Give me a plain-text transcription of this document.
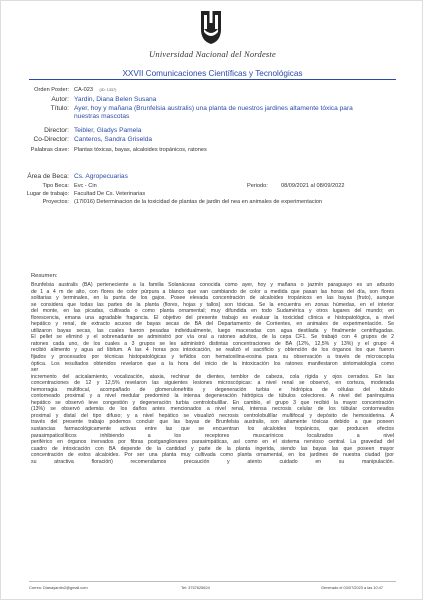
Universidad Nacional del Nordeste
XXVII Comunicaciones Científicas y Tecnológicas
Orden Poster: CA-023 (ID: 1337)
Autor: Yardin, Diana Belen Susana
Título: Ayer, hoy y mañana (Brunfelsia australis) una planta de nuestros jardines altamente tóxica para
nuestras mascotas
Director: Teibler, Gladys Pamela
Co-Director: Canteros, Sandra Griselda
Palabras clave: Plantas tóxicas, bayas, alcaloides tropánicos, ratones
Área de Beca: Cs. Agropecuarias
Tipo Beca: Evc - Cin	Periodo: 08/09/2021 al 08/09/2022
Lugar de trabajo: Facultad De Cs. Veterinarias
Proyectos: (17I016) Determinacion de la toxicidad de plantas de jardin del nea en animales de experimentacion
Resumen:

Brunfelsia australis (BA) perteneciente a la familia Solanáceas conocida como ayer, hoy y mañana o jazmín paraguayo es un arbusto

de 1 a 4 m de alto, con flores de color púrpura a blanco que van cambiando de color a medida que pasan las horas del día, son flores

solitarias y terminales, en la punta de los gajos. Posee elevada concentración de alcaloides tropánicos en las bayas (fruto), aunque

se considera que todas las partes de la planta (flores, hojas y tallos) son tóxicas. Se la encuentra en zonas húmedas, en el interior

del monte, en las picadas, cultivada o como planta ornamental; muy difundida en todo Sudamérica y otros lugares del mundo; en

florescencia, emana una agradable fragancia. El objetivo del presente trabajo es evaluar la toxicidad clínica e histopatológica, a nivel

hepático y renal, de extracto acuoso de bayas secas de BA del Departamento de Corrientes, en animales de experimentación. Se

utilizaron bayas secas, las cuales fueron pesadas individualmente, luego maceradas con agua destilada y finalmente centrifugadas.

El pellet se eliminó y el sobrenadante se administró por vía oral a ratones adultos, de la cepa CF1. Se trabajó con 4 grupos de 2

ratones cada uno, de los cuales a 3 grupos se les administró distintas concentraciones de BA (12%, 12,5% y 13%) y el grupo 4

recibió alimento y agua ad libitum. A las 4 horas pos intoxicación, se realizó el sacrificio y obtención de los órganos los que fueron

fijados y procesados por técnicas histopatológicas y teñidos con hematoxilina-eosina para su observación a través de microscopía

óptica. Los resultados obtenidos revelaron que a la hora del inicio de la intoxicación los ratones manifestaron sintomatología como

ser

incremento del acicalamiento, vocalización, ataxia, rechinar de dientes, temblor de cabeza, cola rígida y ojos cerrados. En las

concentraciones de 12 y 12,5% revelaron las siguientes lesiones microscópicas: a nivel renal se observó, en corteza, moderada

hemorragia multifocal, acompañado de glomerulonefritis y degeneración turbia e hidrópica de células del túbulo

contorneado proximal y a nivel medular predominó la intensa degeneración hidrópica de túbulos colectores. A nivel del parénquima

hepático se observó leve congestión y degeneración turbia centrolobulillar. En cambio, el grupo 3 que recibió la mayor concentración

(13%) se observó además de los daños antes mencionados a nivel renal, intensa necrosis celular de los túbular contorneados

proximal y distal del tipo difuso; y a nivel hepático se visualizó necrosis centrolobulillar multifocal y depósito de hemosiderina. A

través del presente trabajo podemos concluir que las bayas de Brunfelsia australis, son altamente tóxicas debido a que poseen

sustancias farmacológicamente activas entre las que se encuentran los alcaloides tropánicos, que producen efectos

parasimpaticolíticos inhibiendo a los receptores muscarínicos localizados a nivel

periférico en órganos inervados por fibras postganglionares parasimpáticas, así como en el sistema nervioso central. La gravedad del

cuadro de intoxicación con BA depende de la cantidad y parte de la planta ingerida, siendo las bayas las que poseen mayor

concentración de estos alcaloides. Por ser una planta muy cultivada como planta ornamental, en los jardines de nuestra ciudad (por

su atractiva floración) recomendamos precaución y atento cuidado en su manipulación.

Correo: Dianayardin2@gmail.com	Tel: 3757625624	Generado el 03/07/2023 a las 10:47
